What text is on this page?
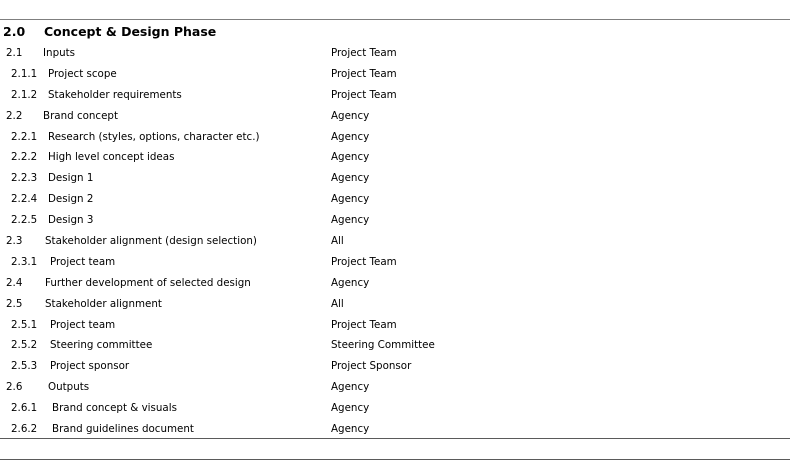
2.0 Concept & Design Phase
2.1 Inputs	Project Team
2.1.1 Project scope	Project Team
2.1.2 Stakeholder requirements	Project Team
2.2 Brand concept	Agency
2.2.1 Research (styles, options, character etc.)	Agency
2.2.2 High level concept ideas	Agency
2.2.3 Design 1	Agency
2.2.4 Design 2	Agency
2.2.5 Design 3	Agency
2.3 Stakeholder alignment (design selection)	All
2.3.1 Project team	Project Team
2.4 Further development of selected design	Agency
2.5 Stakeholder alignment	All
2.5.1 Project team	Project Team
2.5.2 Steering committee	Steering Committee
2.5.3 Project sponsor	Project Sponsor
2.6 Outputs	Agency
2.6.1 Brand concept & visuals	Agency
2.6.2 Brand guidelines document	Agency
